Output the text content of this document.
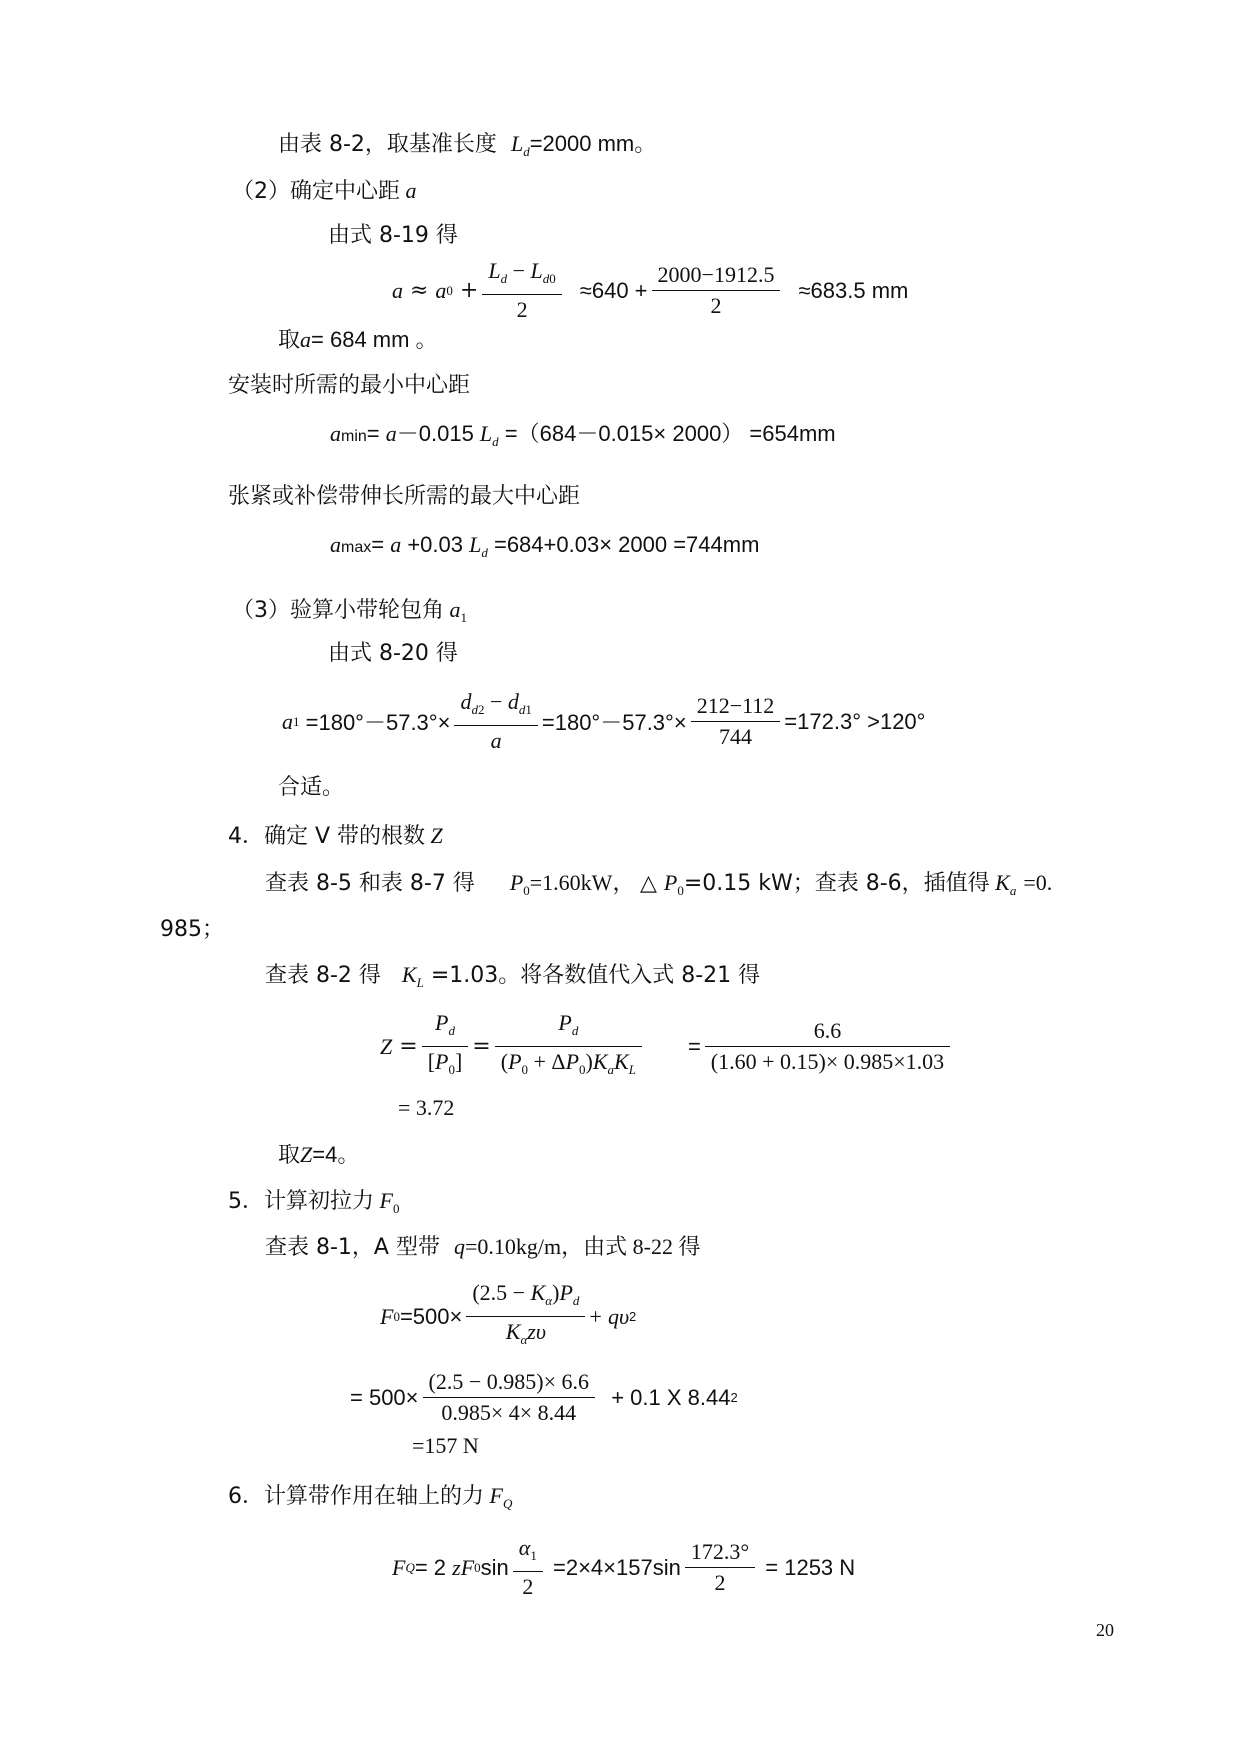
由表 8-2，取基准长度 $L_d=2000$ mm。
（2）确定中心距 a
由式 8-19 得
a ≈ a $0 + \frac{L_d - L_{d0}}{2}$
$\approx 640 + \frac{2000-1912.5}{2}$
≈683.5 mm
取a= 684 mm 。
安装时所需的最小中心距
amin= a－0.015 $L_d =(684-0.015\times 2000) =654mm$
张紧或补偿带伸长所需的最大中心距
amax= a +0.03 $L_d =684+0.03\times 2000 =744mm$
（3）验算小带轮包角 $a_1$
由式 8-20 得
a 1
$=180^\circ-57.3^\circ\times \frac{d_{d2} - d_{d1}}{a} =180^\circ-57.3^\circ\times \frac{212-112}{744} =172.3^\circ >120^\circ$
合适。
4．确定 V 带的根数 Z
查表 8-5 和表 8-7 得 $P_0=1.60kW$， △ $P_0=0.15$ kW；查表 8-6，插值得 $K_a =0$.
985；
查表 8-2 得 $K_L =1.03$。将各数值代入式 8-21 得
$Z = \frac{P_d}{[P_0]} = \frac{P_d}{(P_0 + \Delta P_0)K_aK_L}$
= $\frac{6.6}{(1.60 + 0.15)\times 0.985\times 1.03}$
= 3.72
取Z=4。
5．计算初拉力 $F_0$
查表 8-1，A 型带 q=0.10kg/m，由式 8-22 得
F $0 =500\times \frac{(2.5 - K_\alpha)P_d}{K_\alpha z\upsilon}$ +
qυ 2
= $500\times \frac{(2.5 - 0.985)\times 6.6}{0.985\times 4\times 8.44}$
+ 0.1 X 8.44 2
=157 N
6．计算带作用在轴上的力 $F_Q$
F Q = 2
zF 0 $\sin \frac{\alpha_1}{2}$
$=2\times 4\times 157\sin \frac{172.3^\circ}{2}$
= 1253 N
20
